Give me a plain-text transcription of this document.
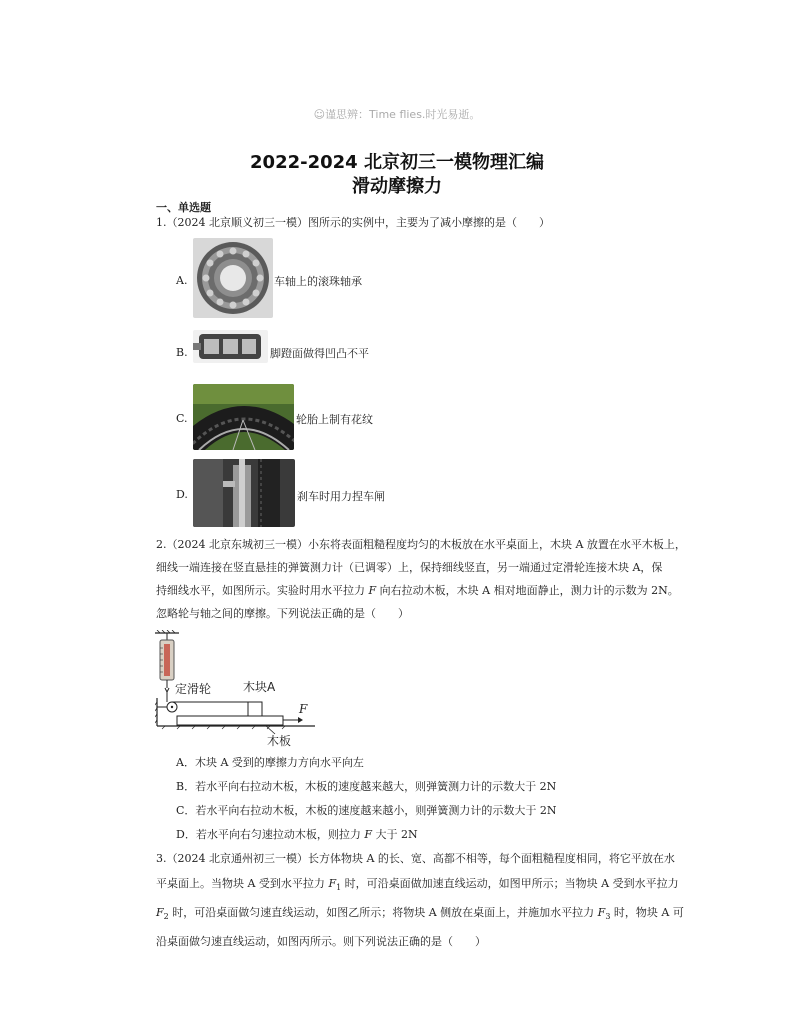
☺谨思辨：Time flies.时光易逝。
2022-2024 北京初三一模物理汇编
滑动摩擦力
一、单选题
1.（2024 北京顺义初三一模）图所示的实例中，主要为了减小摩擦的是（　　）
A.	车轴上的滚珠轴承
B.	脚蹬面做得凹凸不平
C.	轮胎上制有花纹
D.	刹车时用力捏车闸
2.（2024 北京东城初三一模）小东将表面粗糙程度均匀的木板放在水平桌面上，木块 A 放置在水平木板上，
细线一端连接在竖直悬挂的弹簧测力计（已调零）上，保持细线竖直，另一端通过定滑轮连接木块 A，保
持细线水平，如图所示。实验时用水平拉力 F 向右拉动木板，木块 A 相对地面静止，测力计的示数为 2N。
忽略轮与轴之间的摩擦。下列说法正确的是（　　）
定滑轮	木块A
F
木板
A．木块 A 受到的摩擦力方向水平向左
B．若水平向右拉动木板，木板的速度越来越大，则弹簧测力计的示数大于 2N
C．若水平向右拉动木板，木板的速度越来越小，则弹簧测力计的示数大于 2N
D．若水平向右匀速拉动木板，则拉力 F 大于 2N
3.（2024 北京通州初三一模）长方体物块 A 的长、宽、高都不相等，每个面粗糙程度相同，将它平放在水
平桌面上。当物块 A 受到水平拉力 $F_1$ 时，可沿桌面做加速直线运动，如图甲所示；当物块 A 受到水平拉力
$F_2$ 时，可沿桌面做匀速直线运动，如图乙所示；将物块 A 侧放在桌面上，并施加水平拉力 $F_3$ 时，物块 A 可
沿桌面做匀速直线运动，如图丙所示。则下列说法正确的是（　　）
